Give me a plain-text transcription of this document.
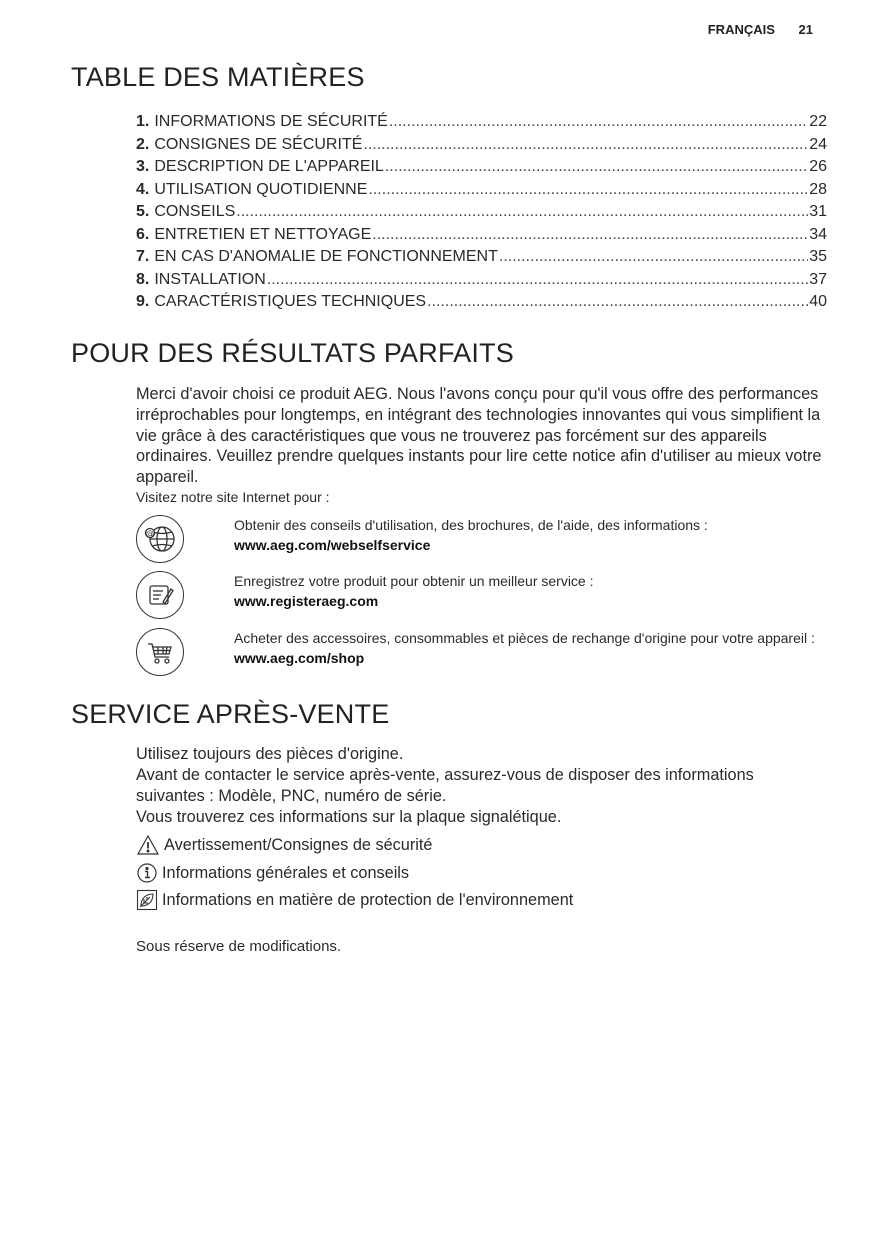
FRANÇAIS 21
TABLE DES MATIÈRES
1. INFORMATIONS DE SÉCURITÉ .....	22
2. CONSIGNES DE SÉCURITÉ .....	24
3. DESCRIPTION DE L'APPAREIL .....	26
4. UTILISATION QUOTIDIENNE .....	28
5. CONSEILS .....	31
6. ENTRETIEN ET NETTOYAGE .....	34
7. EN CAS D'ANOMALIE DE FONCTIONNEMENT .....	35
8. INSTALLATION .....	37
9. CARACTÉRISTIQUES TECHNIQUES .....	40
POUR DES RÉSULTATS PARFAITS

Merci d'avoir choisi ce produit AEG. Nous l'avons conçu pour qu'il vous offre des performances irréprochables pour longtemps, en intégrant des technologies innovantes qui vous simplifient la vie grâce à des caractéristiques que vous ne trouverez pas forcément sur des appareils ordinaires. Veuillez prendre quelques instants pour lire cette notice afin d'utiliser au mieux votre appareil.

Visitez notre site Internet pour :

@
Obtenir des conseils d'utilisation, des brochures, de l'aide, des informations :
www.aeg.com/webselfservice
Enregistrez votre produit pour obtenir un meilleur service :
www.registeraeg.com
Acheter des accessoires, consommables et pièces de rechange d'origine pour votre appareil :
www.aeg.com/shop
SERVICE APRÈS-VENTE

Utilisez toujours des pièces d'origine.

Avant de contacter le service après-vente, assurez-vous de disposer des informations suivantes : Modèle, PNC, numéro de série.

Vous trouverez ces informations sur la plaque signalétique.

Avertissement/Consignes de sécurité
Informations générales et conseils
Informations en matière de protection de l'environnement

Sous réserve de modifications.
